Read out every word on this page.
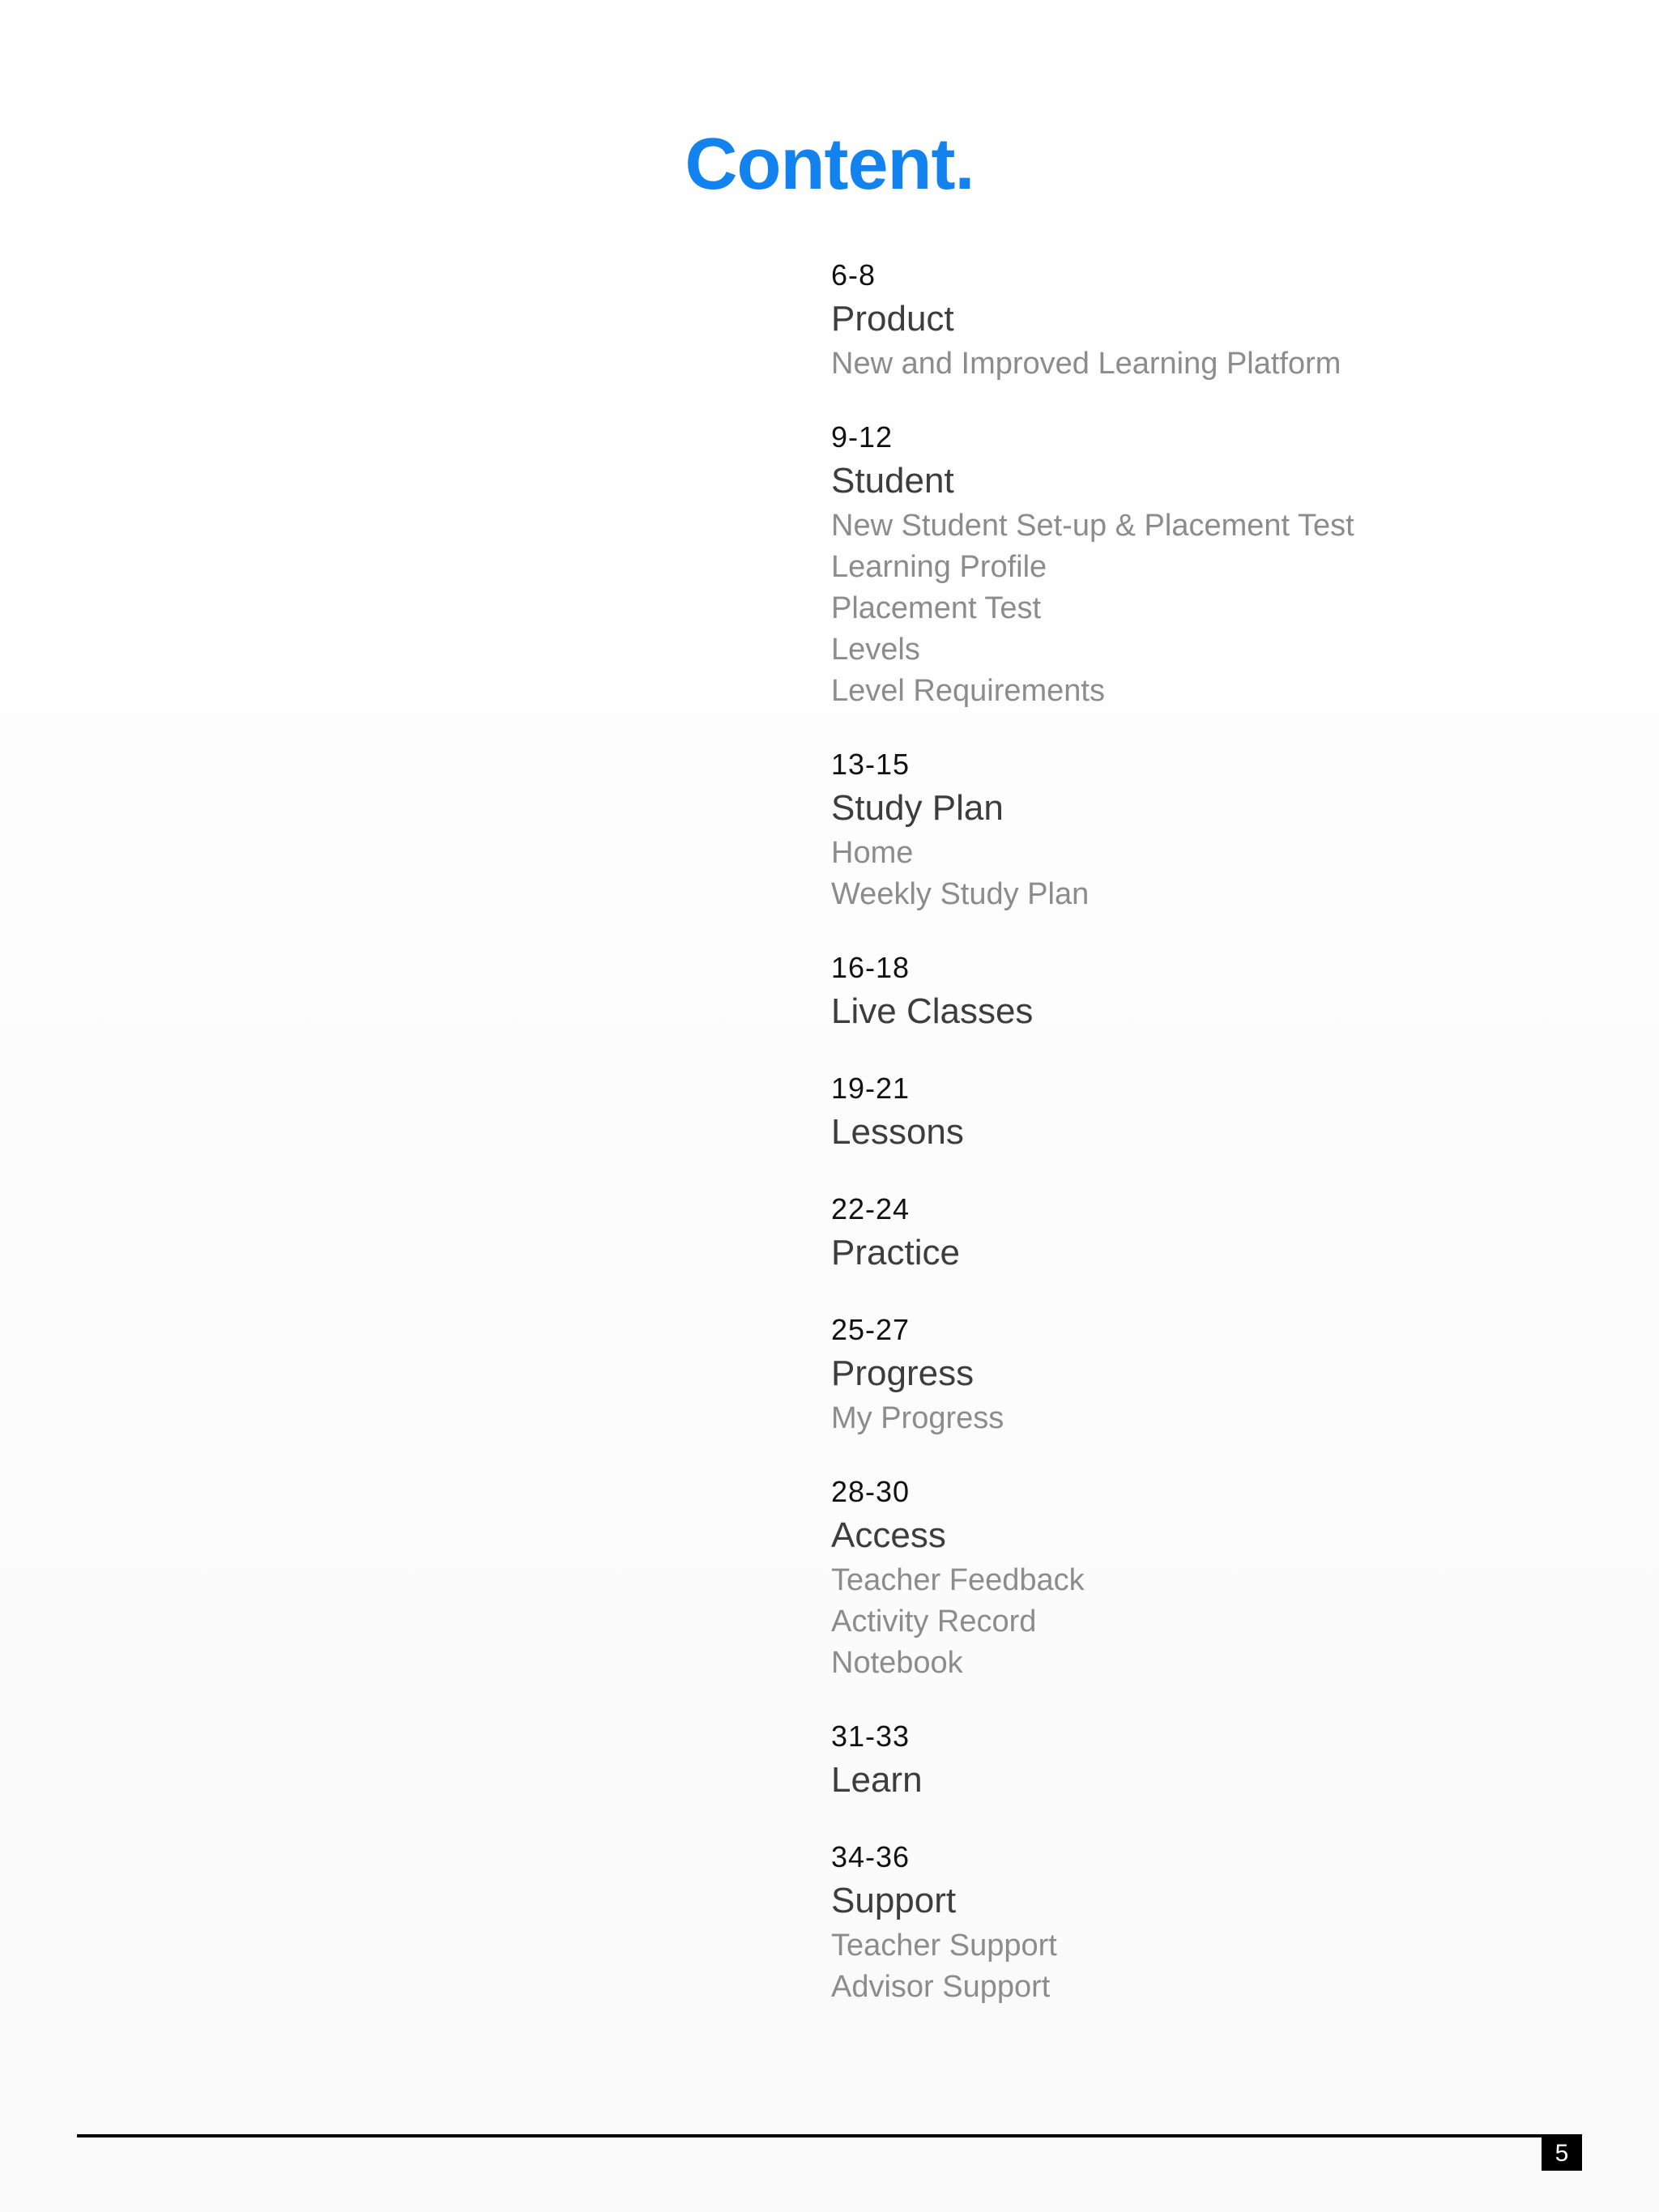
Content.
6-8
Product
New and Improved Learning Platform
9-12
Student
New Student Set-up & Placement Test
Learning Profile
Placement Test
Levels
Level Requirements
13-15
Study Plan
Home
Weekly Study Plan
16-18
Live Classes
19-21
Lessons
22-24
Practice
25-27
Progress
My Progress
28-30
Access
Teacher Feedback
Activity Record
Notebook
31-33
Learn
34-36
Support
Teacher Support
Advisor Support
5
